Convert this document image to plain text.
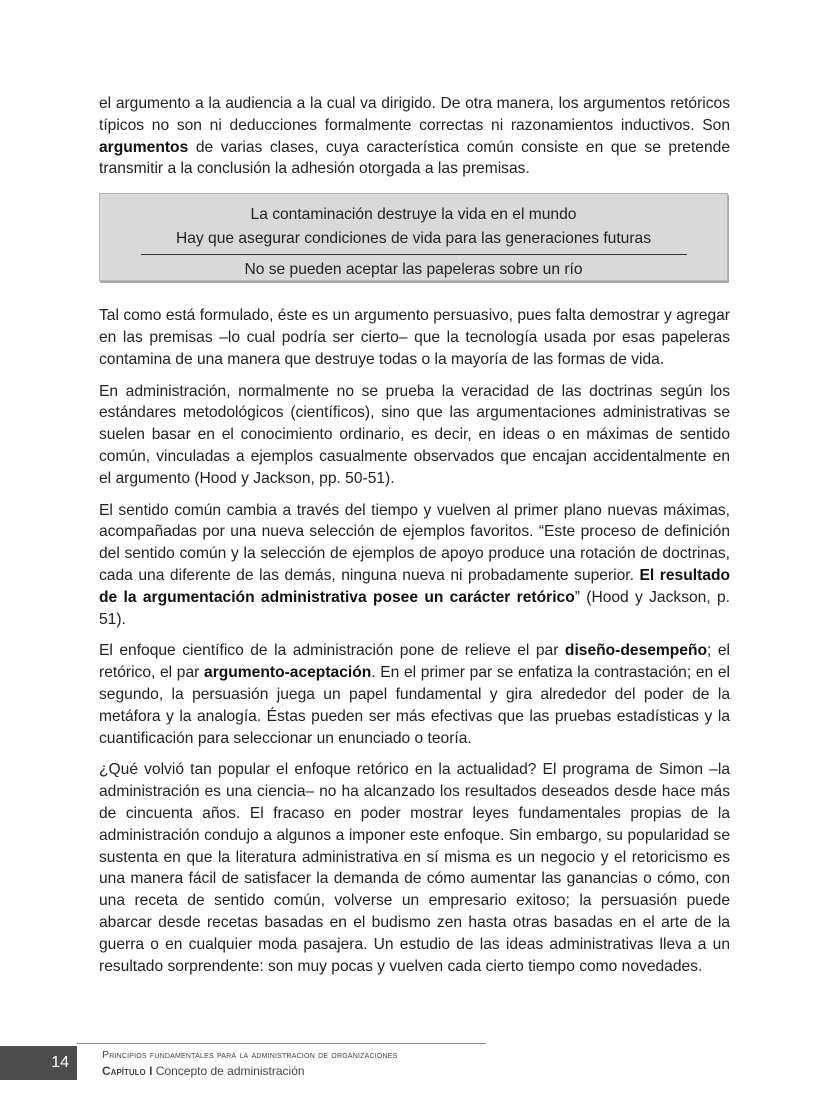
el argumento a la audiencia a la cual va dirigido. De otra manera, los argumentos retóricos típicos no son ni deducciones formalmente correctas ni razonamientos inductivos. Son argumentos de varias clases, cuya característica común consiste en que se pretende transmitir a la conclusión la adhesión otorgada a las premisas.

La contaminación destruye la vida en el mundo
Hay que asegurar condiciones de vida para las generaciones futuras
No se pueden aceptar las papeleras sobre un río

Tal como está formulado, éste es un argumento persuasivo, pues falta demostrar y agregar en las premisas –lo cual podría ser cierto– que la tecnología usada por esas papeleras contamina de una manera que destruye todas o la mayoría de las formas de vida.

En administración, normalmente no se prueba la veracidad de las doctrinas según los estándares metodológicos (científicos), sino que las argumentaciones administrativas se suelen basar en el conocimiento ordinario, es decir, en ideas o en máximas de sentido común, vinculadas a ejemplos casualmente observados que encajan accidentalmente en el argumento (Hood y Jackson, pp. 50-51).

El sentido común cambia a través del tiempo y vuelven al primer plano nuevas máximas, acompañadas por una nueva selección de ejemplos favoritos. “Este proceso de definición del sentido común y la selección de ejemplos de apoyo produce una rotación de doctrinas, cada una diferente de las demás, ninguna nueva ni probadamente superior. El resultado de la argumentación administrativa posee un carácter retórico” (Hood y Jackson, p. 51).

El enfoque científico de la administración pone de relieve el par diseño-desempeño; el retórico, el par argumento-aceptación. En el primer par se enfatiza la contrastación; en el segundo, la persuasión juega un papel fundamental y gira alrededor del poder de la metáfora y la analogía. Éstas pueden ser más efectivas que las pruebas estadísticas y la cuantificación para seleccionar un enunciado o teoría.

¿Qué volvió tan popular el enfoque retórico en la actualidad? El programa de Simon –la administración es una ciencia– no ha alcanzado los resultados deseados desde hace más de cincuenta años. El fracaso en poder mostrar leyes fundamentales propias de la administración condujo a algunos a imponer este enfoque. Sin embargo, su popularidad se sustenta en que la literatura administrativa en sí misma es un negocio y el retoricismo es una manera fácil de satisfacer la demanda de cómo aumentar las ganancias o cómo, con una receta de sentido común, volverse un empresario exitoso; la persuasión puede abarcar desde recetas basadas en el budismo zen hasta otras basadas en el arte de la guerra o en cualquier moda pasajera. Un estudio de las ideas administrativas lleva a un resultado sorprendente: son muy pocas y vuelven cada cierto tiempo como novedades.

14	Principios fundamentales para la administración de organizaciones
Capítulo I Concepto de administración
